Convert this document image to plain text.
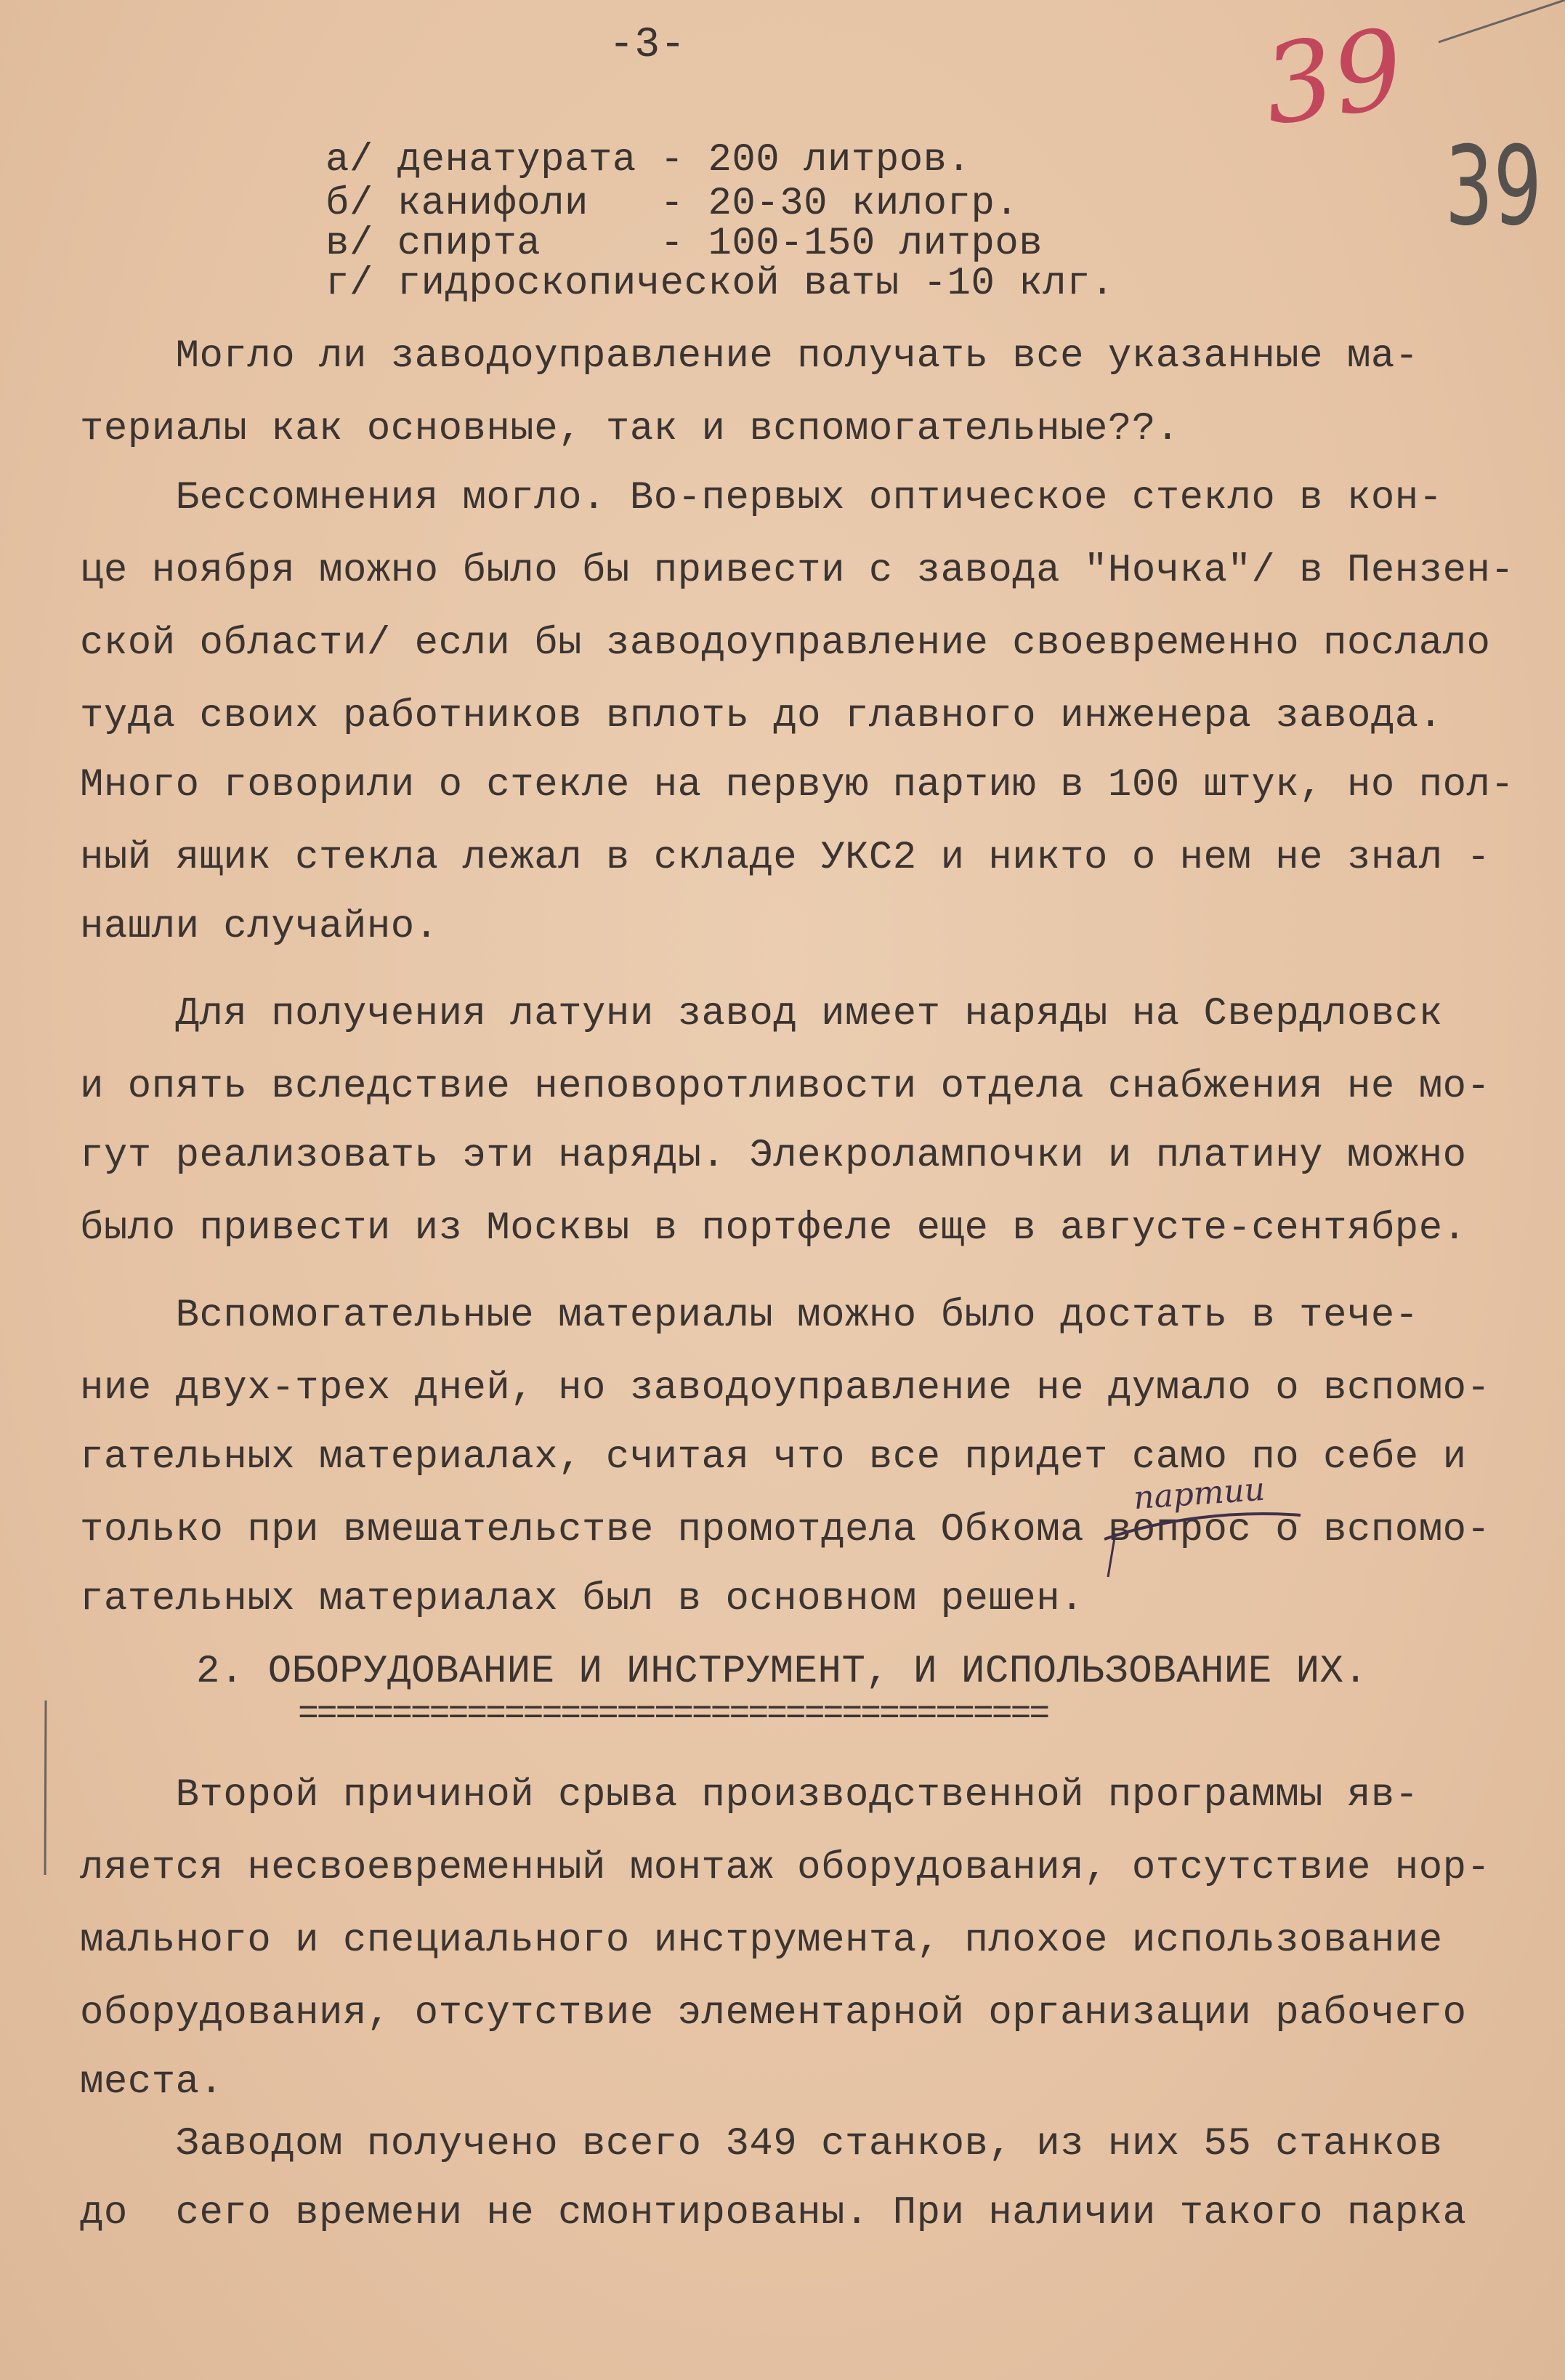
-3-	39
39
а/ денатурата - 200 литров.
б/ канифоли   - 20-30 килогр.
в/ спирта     - 100-150 литров
г/ гидроскопической ваты -10 клг.
Могло ли заводоуправление получать все указанные ма-
териалы как основные, так и вспомогательные??.
Бессомнения могло. Во-первых оптическое стекло в кон-
це ноября можно было бы привести с завода "Ночка"/ в Пензен-
ской области/ если бы заводоуправление своевременно послало
туда своих работников вплоть до главного инженера завода.
Много говорили о стекле на первую партию в 100 штук, но пол-
ный ящик стекла лежал в складе УКС2 и никто о нем не знал -
нашли случайно.
Для получения латуни завод имеет наряды на Свердловск
и опять вследствие неповоротливости отдела снабжения не мо-
гут реализовать эти наряды. Элекролампочки и платину можно
было привести из Москвы в портфеле еще в августе-сентябре.
Вспомогательные материалы можно было достать в тече-
ние двух-трех дней, но заводоуправление не думало о вспомо-
гательных материалах, считая что все придет само по себе и
только при вмешательстве промотдела Обкома вопрос о вспомо-
гательных материалах был в основном решен.
партии
2. ОБОРУДОВАНИЕ И ИНСТРУМЕНТ, И ИСПОЛЬЗОВАНИЕ ИХ.
========================================
Второй причиной срыва производственной программы яв-
ляется несвоевременный монтаж оборудования, отсутствие нор-
мального и специального инструмента, плохое использование
оборудования, отсутствие элементарной организации рабочего
места.
Заводом получено всего 349 станков, из них 55 станков
до  сего времени не смонтированы. При наличии такого парка
